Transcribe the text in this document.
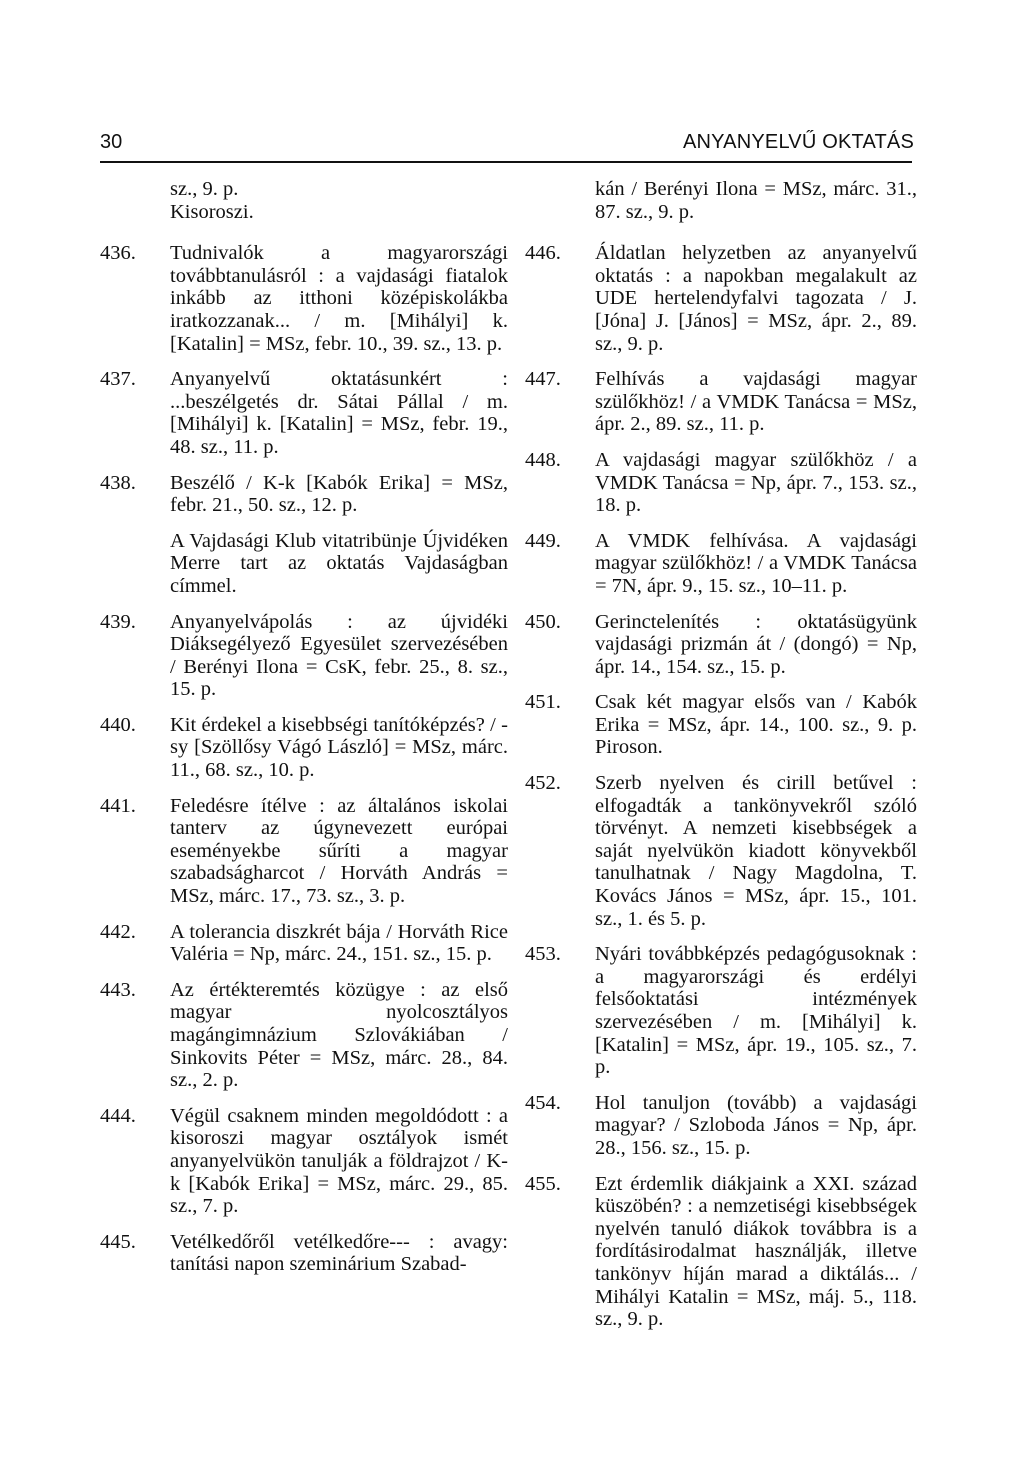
30	ANYANYELVŰ OKTATÁS
sz., 9. p.
Kisoroszi.
436. Tudnivalók a magyarországi továbbtanulásról : a vajdasági fiatalok inkább az itthoni középiskolákba iratkozzanak... / m. [Mihályi] k. [Katalin] = MSz, febr. 10., 39. sz., 13. p.
437. Anyanyelvű oktatásunkért : ...beszélgetés dr. Sátai Pállal / m. [Mihályi] k. [Katalin] = MSz, febr. 19., 48. sz., 11. p.
438. Beszélő / K-k [Kabók Erika] = MSz, febr. 21., 50. sz., 12. p.
A Vajdasági Klub vitatribünje Újvidéken Merre tart az oktatás Vajdaságban címmel.
439. Anyanyelvápolás : az újvidéki Diáksegélyező Egyesület szervezésében / Berényi Ilona = CsK, febr. 25., 8. sz., 15. p.
440. Kit érdekel a kisebbségi tanítóképzés? / -sy [Szöllősy Vágó László] = MSz, márc. 11., 68. sz., 10. p.
441. Feledésre ítélve : az általános iskolai tanterv az úgynevezett európai eseményekbe sűríti a magyar szabadságharcot / Horváth András = MSz, márc. 17., 73. sz., 3. p.
442. A tolerancia diszkrét bája / Horváth Rice Valéria = Np, márc. 24., 151. sz., 15. p.
443. Az értékteremtés közügye : az első magyar nyolcosztályos magángimnázium Szlovákiában / Sinkovits Péter = MSz, márc. 28., 84. sz., 2. p.
444. Végül csaknem minden megoldódott : a kisoroszi magyar osztályok ismét anyanyelvükön tanulják a földrajzot / K-k [Kabók Erika] = MSz, márc. 29., 85. sz., 7. p.
445. Vetélkedőről vetélkedőre--- : avagy: tanítási napon szeminárium Szabad-
kán / Berényi Ilona = MSz, márc. 31., 87. sz., 9. p.
446. Áldatlan helyzetben az anyanyelvű oktatás : a napokban megalakult az UDE hertelendyfalvi tagozata / J. [Jóna] J. [János] = MSz, ápr. 2., 89. sz., 9. p.
447. Felhívás a vajdasági magyar szülőkhöz! / a VMDK Tanácsa = MSz, ápr. 2., 89. sz., 11. p.
448. A vajdasági magyar szülőkhöz / a VMDK Tanácsa = Np, ápr. 7., 153. sz., 18. p.
449. A VMDK felhívása. A vajdasági magyar szülőkhöz! / a VMDK Tanácsa = 7N, ápr. 9., 15. sz., 10–11. p.
450. Gerinctelenítés : oktatásügyünk vajdasági prizmán át / (dongó) = Np, ápr. 14., 154. sz., 15. p.
451. Csak két magyar elsős van / Kabók Erika = MSz, ápr. 14., 100. sz., 9. p. Piroson.
452. Szerb nyelven és cirill betűvel : elfogadták a tankönyvekről szóló törvényt. A nemzeti kisebbségek a saját nyelvükön kiadott könyvekből tanulhatnak / Nagy Magdolna, T. Kovács János = MSz, ápr. 15., 101. sz., 1. és 5. p.
453. Nyári továbbképzés pedagógusoknak : a magyarországi és erdélyi felsőoktatási intézmények szervezésében / m. [Mihályi] k. [Katalin] = MSz, ápr. 19., 105. sz., 7. p.
454. Hol tanuljon (tovább) a vajdasági magyar? / Szloboda János = Np, ápr. 28., 156. sz., 15. p.
455. Ezt érdemlik diákjaink a XXI. század küszöbén? : a nemzetiségi kisebbségek nyelvén tanuló diákok továbbra is a fordításirodalmat használják, illetve tankönyv híján marad a diktálás... / Mihályi Katalin = MSz, máj. 5., 118. sz., 9. p.
